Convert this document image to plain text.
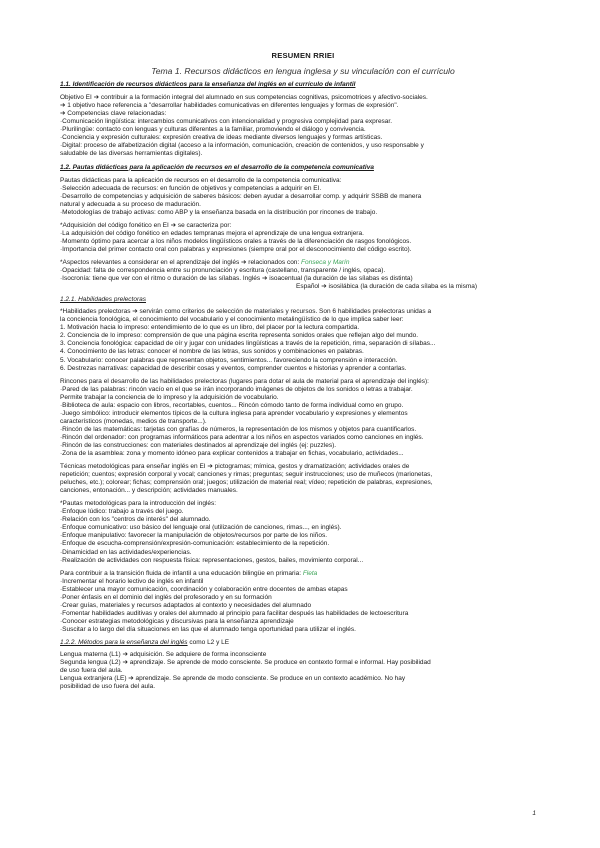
RESUMEN RRIEI
Tema 1. Recursos didácticos en lengua inglesa y su vinculación con el currículo
1.1. Identificación de recursos didácticos para la enseñanza del inglés en el currículo de infantil
Objetivo EI ➔ contribuir a la formación integral del alumnado en sus competencias cognitivas, psicomotrices y afectivo-sociales.
➔ 1 objetivo hace referencia a "desarrollar habilidades comunicativas en diferentes lenguajes y formas de expresión".
➔ Competencias clave relacionadas:
·Comunicación lingüística: intercambios comunicativos con intencionalidad y progresiva complejidad para expresar.
·Plurilingüe: contacto con lenguas y culturas diferentes a la familiar, promoviendo el diálogo y convivencia.
·Conciencia y expresión culturales: expresión creativa de ideas mediante diversos lenguajes y formas artísticas.
·Digital: proceso de alfabetización digital (acceso a la información, comunicación, creación de contenidos, y uso responsable y
saludable de las diversas herramientas digitales).
1.2. Pautas didácticas para la aplicación de recursos en el desarrollo de la competencia comunicativa
Pautas didácticas para la aplicación de recursos en el desarrollo de la competencia comunicativa:
·Selección adecuada de recursos: en función de objetivos y competencias a adquirir en EI.
·Desarrollo de competencias y adquisición de saberes básicos: deben ayudar a desarrollar comp. y adquirir SSBB de manera
natural y adecuada a su proceso de maduración.
·Metodologías de trabajo activas: como ABP y la enseñanza basada en la distribución por rincones de trabajo.
*Adquisición del código fonético en EI ➔ se caracteriza por:
·La adquisición del código fonético en edades tempranas mejora el aprendizaje de una lengua extranjera.
·Momento óptimo para acercar a los niños modelos lingüísticos orales a través de la diferenciación de rasgos fonológicos.
·Importancia del primer contacto oral con palabras y expresiones (siempre oral por el desconocimiento del código escrito).
*Aspectos relevantes a considerar en el aprendizaje del inglés ➔ relacionados con: Fonseca y Marín
·Opacidad: falta de correspondencia entre su pronunciación y escritura (castellano, transparente / inglés, opaca).
·Isocronía: tiene que ver con el ritmo o duración de las sílabas. Inglés ➔ isoacentual (la duración de las sílabas es distinta)
Español ➔ isosilábica (la duración de cada sílaba es la misma)
1.2.1. Habilidades prelectoras
*Habilidades prelectoras ➔ servirán como criterios de selección de materiales y recursos. Son 6 habilidades prelectoras unidas a
la conciencia fonológica, el conocimiento del vocabulario y el conocimiento metalingüístico de lo que implica saber leer:
1. Motivación hacia lo impreso: entendimiento de lo que es un libro, del placer por la lectura compartida.
2. Conciencia de lo impreso: comprensión de que una página escrita representa sonidos orales que reflejan algo del mundo.
3. Conciencia fonológica: capacidad de oír y jugar con unidades lingüísticas a través de la repetición, rima, separación di sílabas...
4. Conocimiento de las letras: conocer el nombre de las letras, sus sonidos y combinaciones en palabras.
5. Vocabulario: conocer palabras que representan objetos, sentimientos... favoreciendo la comprensión e interacción.
6. Destrezas narrativas: capacidad de describir cosas y eventos, comprender cuentos e historias y aprender a contarlas.
Rincones para el desarrollo de las habilidades prelectoras (lugares para dotar el aula de material para el aprendizaje del inglés):
·Pared de las palabras: rincón vacío en el que se irán incorporando imágenes de objetos de los sonidos o letras a trabajar.
Permite trabajar la conciencia de lo impreso y la adquisición de vocabulario.
·Biblioteca de aula: espacio con libros, recortables, cuentos... Rincón cómodo tanto de forma individual como en grupo.
·Juego simbólico: introducir elementos típicos de la cultura inglesa para aprender vocabulario y expresiones y elementos
característicos (monedas, medios de transporte...).
·Rincón de las matemáticas: tarjetas con grafías de números, la representación de los mismos y objetos para cuantificarlos.
·Rincón del ordenador: con programas informáticos para adentrar a los niños en aspectos variados como canciones en inglés.
·Rincón de las construcciones: con materiales destinados al aprendizaje del inglés (ej: puzzles).
·Zona de la asamblea: zona y momento idóneo para explicar contenidos a trabajar en fichas, vocabulario, actividades...
Técnicas metodológicas para enseñar inglés en EI ➔ pictogramas; mímica, gestos y dramatización; actividades orales de
repetición; cuentos; expresión corporal y vocal; canciones y rimas; preguntas; seguir instrucciones; uso de muñecos (marionetas,
peluches, etc.); colorear; fichas; comprensión oral; juegos; utilización de material real; vídeo; repetición de palabras, expresiones,
canciones, entonación... y descripción; actividades manuales.
*Pautas metodológicas para la introducción del inglés:
·Enfoque lúdico: trabajo a través del juego.
·Relación con los "centros de interés" del alumnado.
·Enfoque comunicativo: uso básico del lenguaje oral (utilización de canciones, rimas..., en inglés).
·Enfoque manipulativo: favorecer la manipulación de objetos/recursos por parte de los niños.
·Enfoque de escucha-comprensión/expresión-comunicación: establecimiento de la repetición.
·Dinamicidad en las actividades/experiencias.
·Realización de actividades con respuesta física: representaciones, gestos, bailes, movimiento corporal...
Para contribuir a la transición fluida de infantil a una educación bilingüe en primaria: Fleta
·Incrementar el horario lectivo de inglés en infantil
·Establecer una mayor comunicación, coordinación y colaboración entre docentes de ambas etapas
·Poner énfasis en el dominio del inglés del profesorado y en su formación
·Crear guías, materiales y recursos adaptados al contexto y necesidades del alumnado
·Fomentar habilidades auditivas y orales del alumnado al principio para facilitar después las habilidades de lectoescritura
·Conocer estrategias metodológicas y discursivas para la enseñanza aprendizaje
·Suscitar a lo largo del día situaciones en las que el alumnado tenga oportunidad para utilizar el inglés.
1.2.2. Métodos para la enseñanza del inglés como L2 y LE
Lengua materna (L1) ➔ adquisición. Se adquiere de forma inconsciente
Segunda lengua (L2) ➔ aprendizaje. Se aprende de modo consciente. Se produce en contexto formal e informal. Hay posibilidad
de uso fuera del aula.
Lengua extranjera (LE) ➔ aprendizaje. Se aprende de modo consciente. Se produce en un contexto académico. No hay
posibilidad de uso fuera del aula.
1
